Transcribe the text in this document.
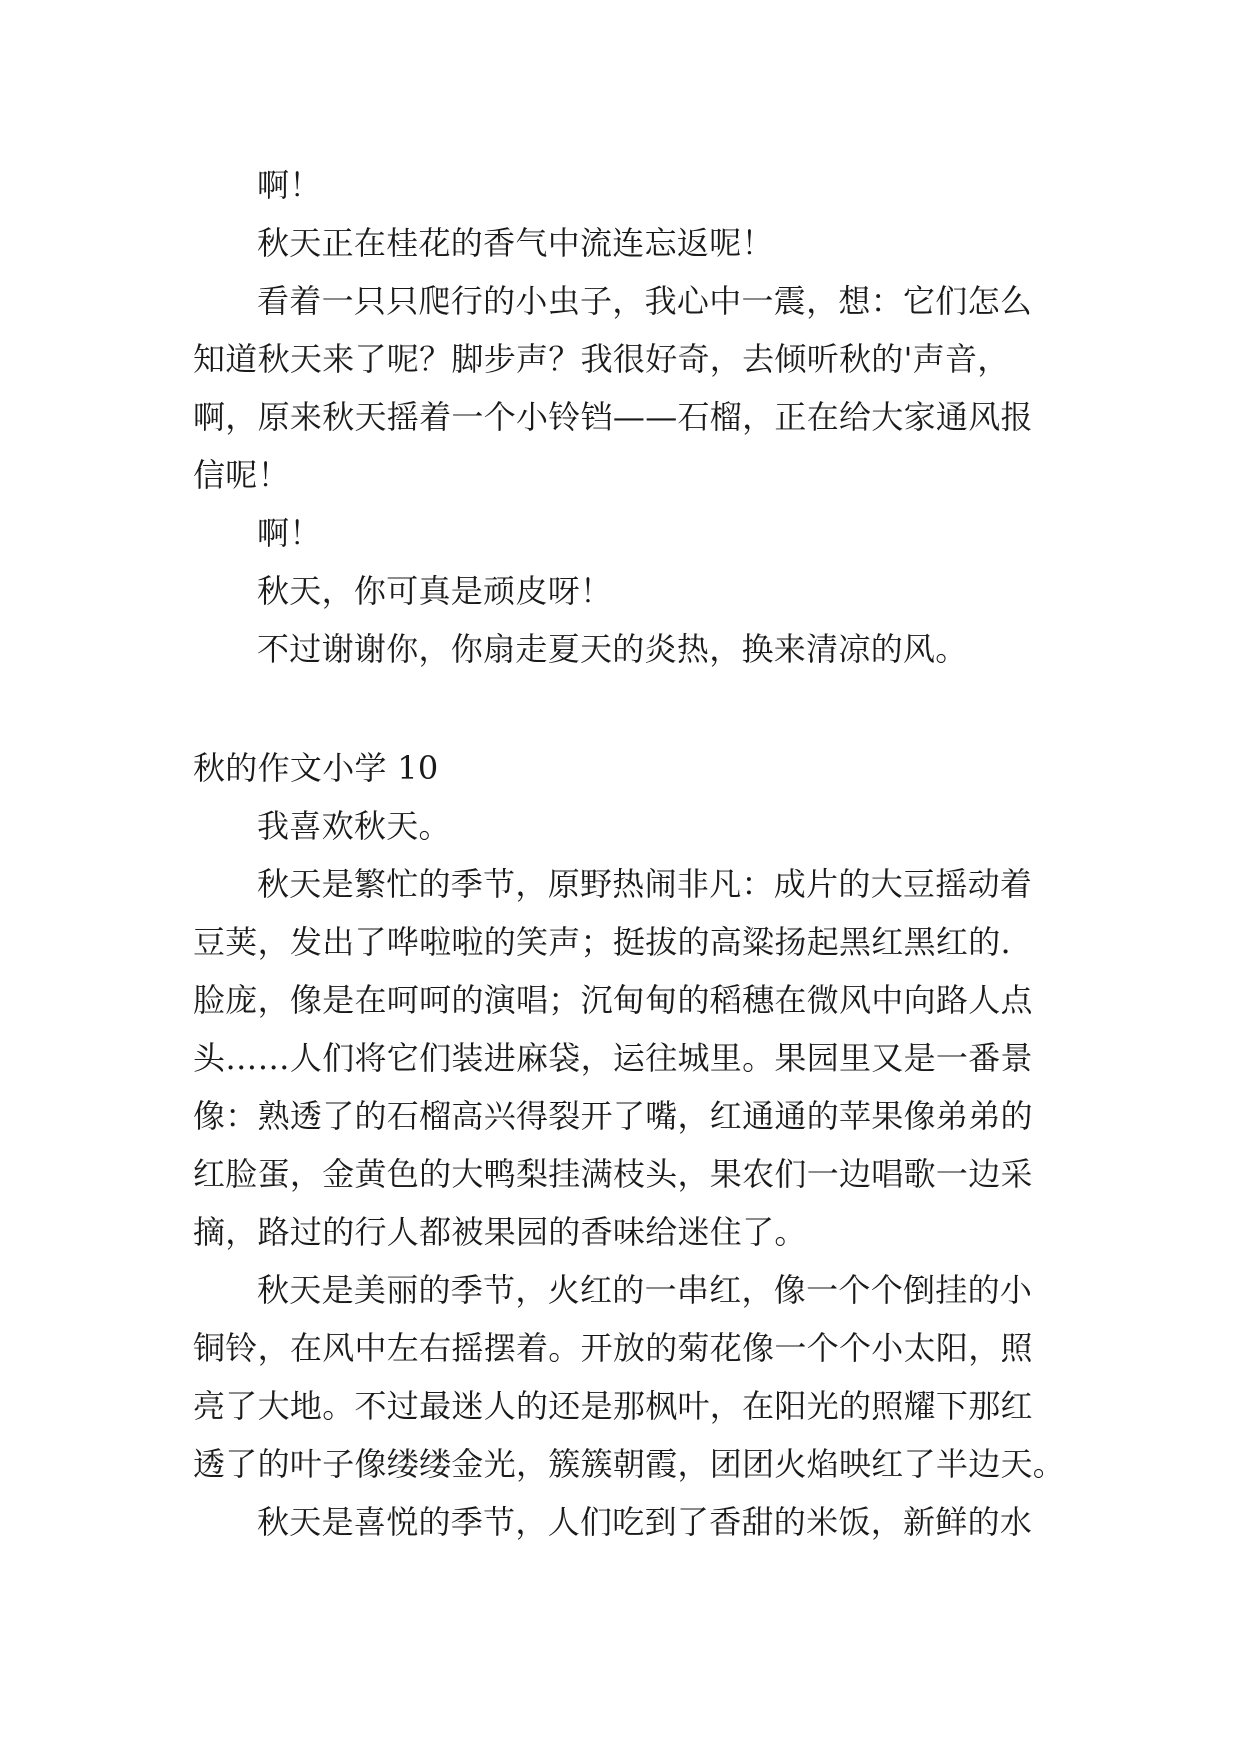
啊！
秋天正在桂花的香气中流连忘返呢！
看着一只只爬行的小虫子，我心中一震，想：它们怎么
知道秋天来了呢？脚步声？我很好奇，去倾听秋的'声音，
啊，原来秋天摇着一个小铃铛——石榴，正在给大家通风报
信呢！
啊！
秋天，你可真是顽皮呀！
不过谢谢你，你扇走夏天的炎热，换来清凉的风。
秋的作文小学 10
我喜欢秋天。
秋天是繁忙的季节，原野热闹非凡：成片的大豆摇动着
豆荚，发出了哗啦啦的笑声；挺拔的高粱扬起黑红黑红的.
脸庞，像是在呵呵的演唱；沉甸甸的稻穗在微风中向路人点
头……人们将它们装进麻袋，运往城里。果园里又是一番景
像：熟透了的石榴高兴得裂开了嘴，红通通的苹果像弟弟的
红脸蛋，金黄色的大鸭梨挂满枝头，果农们一边唱歌一边采
摘，路过的行人都被果园的香味给迷住了。
秋天是美丽的季节，火红的一串红，像一个个倒挂的小
铜铃，在风中左右摇摆着。开放的菊花像一个个小太阳，照
亮了大地。不过最迷人的还是那枫叶，在阳光的照耀下那红
透了的叶子像缕缕金光，簇簇朝霞，团团火焰映红了半边天。
秋天是喜悦的季节，人们吃到了香甜的米饭，新鲜的水
